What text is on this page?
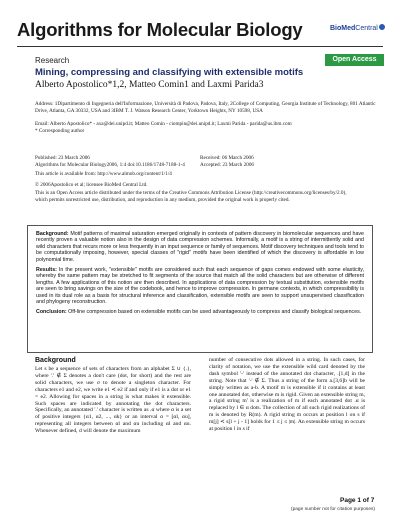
Algorithms for Molecular Biology	BioMedCentral
Research	Open Access
Mining, compressing and classifying with extensible motifs
Alberto Apostolico*1,2, Matteo Comin1 and Laxmi Parida3
Address: 1Dipartimento di Ingegneria dell'Informazione, Università di Padova, Padova, Italy, 2College of Computing, Georgia Institute of Technology, 801 Atlantic Drive, Atlanta, GA 30332, USA and 3IBM T. J. Watson Research Center, Yorktown Heights, NY 10598, USA
Email: Alberto Apostolico* - axa@dei.unipd.it; Matteo Comin - ciompin@dei.unipd.it; Laxmi Parida - parida@us.ibm.com
* Corresponding author
Published: 23 March 2006
Algorithms for Molecular Biology2006, 1:4 doi:10.1186/1748-7188-1-4
Received: 06 March 2006
Accepted: 23 March 2006
This article is available from: http://www.almob.org/content/1/1/4
© 2006Apostolico et al; licensee BioMed Central Ltd.
This is an Open Access article distributed under the terms of the Creative Commons Attribution License (http://creativecommons.org/licenses/by/2.0),
which permits unrestricted use, distribution, and reproduction in any medium, provided the original work is properly cited.

Background: Motif patterns of maximal saturation emerged originally in contexts of pattern discovery in biomolecular sequences and have recently proven a valuable notion also in the design of data compression schemes. Informally, a motif is a string of intermittently solid and wild characters that recurs more or less frequently in an input sequence or family of sequences. Motif discovery techniques and tools tend to be computationally imposing, however, special classes of "rigid" motifs have been identified of which the discovery is affordable in low polynomial time.

Results: In the present work, "extensible" motifs are considered such that each sequence of gaps comes endowed with some elasticity, whereby the same pattern may be stretched to fit segments of the source that match all the solid characters but are otherwise of different lengths. A few applications of this notion are then described. In applications of data compression by textual substitution, extensible motifs are seen to bring savings on the size of the codebook, and hence to improve compression. In germane contexts, in which compressibility is used in its dual role as a basis for structural inference and classification, extensible motifs are seen to support unsupervised classification and phylogeny reconstruction.

Conclusion: Off-line compression based on extensible motifs can be used advantageously to compress and classify biological sequences.

Background
Let s be a sequence of sets of characters from an alphabet Σ ∪ {.}, where '.' ∉ Σ denotes a don't care (dot, for short) and the rest are solid characters, we use σ to denote a singleton character. For characters e1 and e2, we write e1 ≺ e2 if and only if e1 is a dot or e1 = e2. Allowing for spaces in a string is what makes it extensible. Such spaces are indicated by annotating the dot characters. Specifically, an annotated '.' character is written as .α where α is a set of positive integers {α1, α2, ..., αk} or an interval α = [αl, αu], representing all integers between αl and αu including αl and αu. Whenever defined, d will denote the maximum
number of consecutive dots allowed in a string. In such cases, for clarity of notation, we use the extensible wild card denoted by the dash symbol '-' instead of the annotated dot character, .[1,d] in the string. Note that '-' ∉ Σ. Thus a string of the form a.[3,6]b will be simply written as a-b. A motif m is extensible if it contains at least one annotated dot, otherwise m is rigid. Given an extensible string m, a rigid string m' is a realization of m if each annotated dot .α is replaced by l ∈ α dots. The collection of all such rigid realizations of m is denoted by R(m). A rigid string m occurs at position l on s if m[j] ≺ s[l + j - 1] holds for 1 ≤ j ≤ |m|. An extensible string m occurs at position l in s if
Page 1 of 7
(page number not for citation purposes)
